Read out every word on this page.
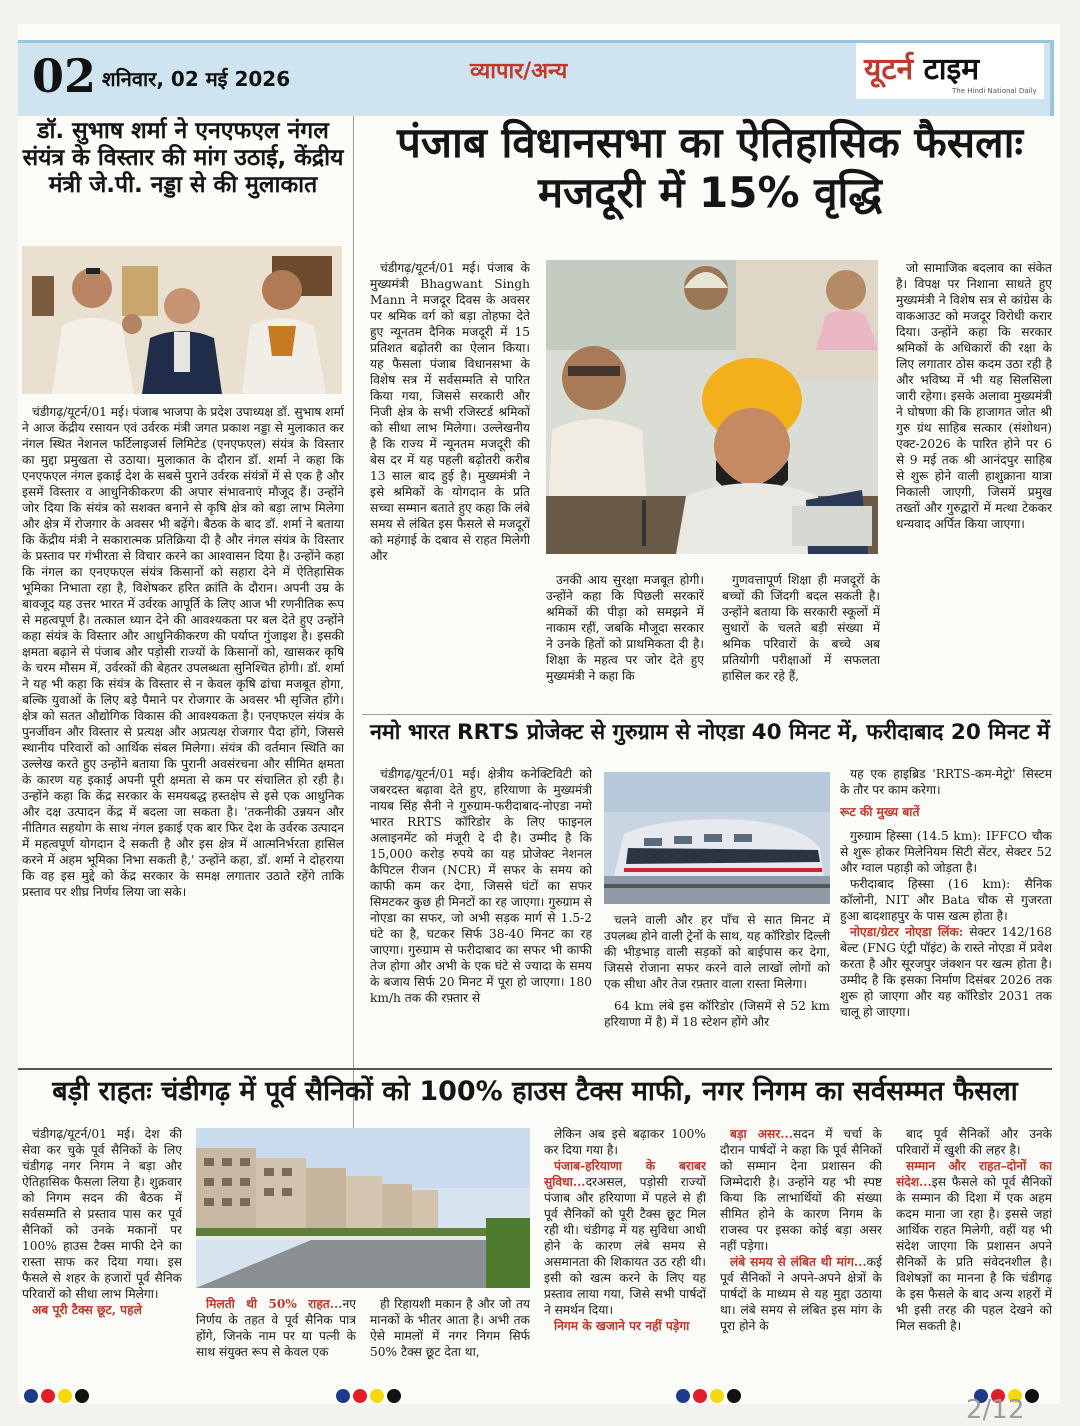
02 शनिवार, 02 मई 2026	व्यापार/अन्य	यूटर्न टाइम
The Hindi National Daily
डॉ. सुभाष शर्मा ने एनएफएल नंगल संयंत्र के विस्तार की मांग उठाई, केंद्रीय मंत्री जे.पी. नड्डा से की मुलाकात

चंडीगढ़/यूटर्न/01 मई। पंजाब भाजपा के प्रदेश उपाध्यक्ष डॉ. सुभाष शर्मा ने आज केंद्रीय रसायन एवं उर्वरक मंत्री जगत प्रकाश नड्डा से मुलाकात कर नंगल स्थित नेशनल फर्टिलाइजर्स लिमिटेड (एनएफएल) संयंत्र के विस्तार का मुद्दा प्रमुखता से उठाया। मुलाकात के दौरान डॉ. शर्मा ने कहा कि एनएफएल नंगल इकाई देश के सबसे पुराने उर्वरक संयंत्रों में से एक है और इसमें विस्तार व आधुनिकीकरण की अपार संभावनाएं मौजूद हैं। उन्होंने जोर दिया कि संयंत्र को सशक्त बनाने से कृषि क्षेत्र को बड़ा लाभ मिलेगा और क्षेत्र में रोजगार के अवसर भी बढ़ेंगे। बैठक के बाद डॉ. शर्मा ने बताया कि केंद्रीय मंत्री ने सकारात्मक प्रतिक्रिया दी है और नंगल संयंत्र के विस्तार के प्रस्ताव पर गंभीरता से विचार करने का आश्वासन दिया है। उन्होंने कहा कि नंगल का एनएफएल संयंत्र किसानों को सहारा देने में ऐतिहासिक भूमिका निभाता रहा है, विशेषकर हरित क्रांति के दौरान। अपनी उम्र के बावजूद यह उत्तर भारत में उर्वरक आपूर्ति के लिए आज भी रणनीतिक रूप से महत्वपूर्ण है। तत्काल ध्यान देने की आवश्यकता पर बल देते हुए उन्होंने कहा संयंत्र के विस्तार और आधुनिकीकरण की पर्याप्त गुंजाइश है। इसकी क्षमता बढ़ाने से पंजाब और पड़ोसी राज्यों के किसानों को, खासकर कृषि के चरम मौसम में, उर्वरकों की बेहतर उपलब्धता सुनिश्चित होगी। डॉ. शर्मा ने यह भी कहा कि संयंत्र के विस्तार से न केवल कृषि ढांचा मजबूत होगा, बल्कि युवाओं के लिए बड़े पैमाने पर रोजगार के अवसर भी सृजित होंगे। क्षेत्र को सतत औद्योगिक विकास की आवश्यकता है। एनएफएल संयंत्र के पुनर्जीवन और विस्तार से प्रत्यक्ष और अप्रत्यक्ष रोजगार पैदा होंगे, जिससे स्थानीय परिवारों को आर्थिक संबल मिलेगा। संयंत्र की वर्तमान स्थिति का उल्लेख करते हुए उन्होंने बताया कि पुरानी अवसंरचना और सीमित क्षमता के कारण यह इकाई अपनी पूरी क्षमता से कम पर संचालित हो रही है। उन्होंने कहा कि केंद्र सरकार के समयबद्ध हस्तक्षेप से इसे एक आधुनिक और दक्ष उत्पादन केंद्र में बदला जा सकता है। 'तकनीकी उन्नयन और नीतिगत सहयोग के साथ नंगल इकाई एक बार फिर देश के उर्वरक उत्पादन में महत्वपूर्ण योगदान दे सकती है और इस क्षेत्र में आत्मनिर्भरता हासिल करने में अहम भूमिका निभा सकती है,' उन्होंने कहा, डॉ. शर्मा ने दोहराया कि वह इस मुद्दे को केंद्र सरकार के समक्ष लगातार उठाते रहेंगे ताकि प्रस्ताव पर शीघ्र निर्णय लिया जा सके।

पंजाब विधानसभा का ऐतिहासिक फैसलाः मजदूरी में 15% वृद्धि

चंडीगढ़/यूटर्न/01 मई। पंजाब के मुख्यमंत्री Bhagwant Singh Mann ने मजदूर दिवस के अवसर पर श्रमिक वर्ग को बड़ा तोहफा देते हुए न्यूनतम दैनिक मजदूरी में 15 प्रतिशत बढ़ोतरी का ऐलान किया। यह फैसला पंजाब विधानसभा के विशेष सत्र में सर्वसम्मति से पारित किया गया, जिससे सरकारी और निजी क्षेत्र के सभी रजिस्टर्ड श्रमिकों को सीधा लाभ मिलेगा। उल्लेखनीय है कि राज्य में न्यूनतम मजदूरी की बेस दर में यह पहली बढ़ोतरी करीब 13 साल बाद हुई है। मुख्यमंत्री ने इसे श्रमिकों के योगदान के प्रति सच्चा सम्मान बताते हुए कहा कि लंबे समय से लंबित इस फैसले से मजदूरों को महंगाई के दबाव से राहत मिलेगी और

उनकी आय सुरक्षा मजबूत होगी। उन्होंने कहा कि पिछली सरकारें श्रमिकों की पीड़ा को समझने में नाकाम रहीं, जबकि मौजूदा सरकार ने उनके हितों को प्राथमिकता दी है। शिक्षा के महत्व पर जोर देते हुए मुख्यमंत्री ने कहा कि

गुणवत्तापूर्ण शिक्षा ही मजदूरों के बच्चों की जिंदगी बदल सकती है। उन्होंने बताया कि सरकारी स्कूलों में सुधारों के चलते बड़ी संख्या में श्रमिक परिवारों के बच्चे अब प्रतियोगी परीक्षाओं में सफलता हासिल कर रहे हैं,

जो सामाजिक बदलाव का संकेत है। विपक्ष पर निशाना साधते हुए मुख्यमंत्री ने विशेष सत्र से कांग्रेस के वाकआउट को मजदूर विरोधी करार दिया। उन्होंने कहा कि सरकार श्रमिकों के अधिकारों की रक्षा के लिए लगातार ठोस कदम उठा रही है और भविष्य में भी यह सिलसिला जारी रहेगा। इसके अलावा मुख्यमंत्री ने घोषणा की कि हाजागत जोत श्री गुरु ग्रंथ साहिब सत्कार (संशोधन) एक्ट-2026 के पारित होने पर 6 से 9 मई तक श्री आनंदपुर साहिब से शुरू होने वाली हाशुक्राना यात्रा निकाली जाएगी, जिसमें प्रमुख तख्तों और गुरुद्वारों में मत्था टेककर धन्यवाद अर्पित किया जाएगा।

नमो भारत RRTS प्रोजेक्ट से गुरुग्राम से नोएडा 40 मिनट में, फरीदाबाद 20 मिनट में

चंडीगढ़/यूटर्न/01 मई। क्षेत्रीय कनेक्टिविटी को जबरदस्त बढ़ावा देते हुए, हरियाणा के मुख्यमंत्री नायब सिंह सैनी ने गुरुग्राम-फरीदाबाद-नोएडा नमो भारत RRTS कॉरिडोर के लिए फाइनल अलाइनमेंट को मंजूरी दे दी है। उम्मीद है कि 15,000 करोड़ रुपये का यह प्रोजेक्ट नेशनल कैपिटल रीजन (NCR) में सफर के समय को काफी कम कर देगा, जिससे घंटों का सफर सिमटकर कुछ ही मिनटों का रह जाएगा। गुरुग्राम से नोएडा का सफर, जो अभी सड़क मार्ग से 1.5-2 घंटे का है, घटकर सिर्फ 38-40 मिनट का रह जाएगा। गुरुग्राम से फरीदाबाद का सफर भी काफी तेज होगा और अभी के एक घंटे से ज्यादा के समय के बजाय सिर्फ 20 मिनट में पूरा हो जाएगा। 180 km/h तक की रफ़्तार से

चलने वाली और हर पाँच से सात मिनट में उपलब्ध होने वाली ट्रेनों के साथ, यह कॉरिडोर दिल्ली की भीड़भाड़ वाली सड़कों को बाईपास कर देगा, जिससे रोजाना सफर करने वाले लाखों लोगों को एक सीधा और तेज रफ़्तार वाला रास्ता मिलेगा।

64 km लंबे इस कॉरिडोर (जिसमें से 52 km हरियाणा में है) में 18 स्टेशन होंगे और

यह एक हाइब्रिड 'RRTS-कम-मेट्रो' सिस्टम के तौर पर काम करेगा।

रूट की मुख्य बातें

गुरुग्राम हिस्सा (14.5 km): IFFCO चौक से शुरू होकर मिलेनियम सिटी सेंटर, सेक्टर 52 और ग्वाल पहाड़ी को जोड़ता है।

फरीदाबाद हिस्सा (16 km): सैनिक कॉलोनी, NIT और Bata चौक से गुजरता हुआ बादशाहपुर के पास खत्म होता है।

नोएडा/ग्रेटर नोएडा लिंक: सेक्टर 142/168 बेल्ट (FNG एंट्री पॉइंट) के रास्ते नोएडा में प्रवेश करता है और सूरजपुर जंक्शन पर खत्म होता है। उम्मीद है कि इसका निर्माण दिसंबर 2026 तक शुरू हो जाएगा और यह कॉरिडोर 2031 तक चालू हो जाएगा।

बड़ी राहतः चंडीगढ़ में पूर्व सैनिकों को 100% हाउस टैक्स माफी, नगर निगम का सर्वसम्मत फैसला

चंडीगढ़/यूटर्न/01 मई। देश की सेवा कर चुके पूर्व सैनिकों के लिए चंडीगढ़ नगर निगम ने बड़ा और ऐतिहासिक फैसला लिया है। शुक्रवार को निगम सदन की बैठक में सर्वसम्मति से प्रस्ताव पास कर पूर्व सैनिकों को उनके मकानों पर 100% हाउस टैक्स माफी देने का रास्ता साफ कर दिया गया। इस फैसले से शहर के हजारों पूर्व सैनिक परिवारों को सीधा लाभ मिलेगा।

अब पूरी टैक्स छूट, पहले	मिलती थी 50% राहत...नए निर्णय के तहत वे पूर्व सैनिक पात्र होंगे, जिनके नाम पर या पत्नी के साथ संयुक्त रूप से केवल एक

ही रिहायशी मकान है और जो तय मानकों के भीतर आता है। अभी तक ऐसे मामलों में नगर निगम सिर्फ 50% टैक्स छूट देता था,

लेकिन अब इसे बढ़ाकर 100% कर दिया गया है।

पंजाब-हरियाणा के बराबर सुविधा...दरअसल, पड़ोसी राज्यों पंजाब और हरियाणा में पहले से ही पूर्व सैनिकों को पूरी टैक्स छूट मिल रही थी। चंडीगढ़ में यह सुविधा आधी होने के कारण लंबे समय से असमानता की शिकायत उठ रही थी। इसी को खत्म करने के लिए यह प्रस्ताव लाया गया, जिसे सभी पार्षदों ने समर्थन दिया।

निगम के खजाने पर नहीं पड़ेगा

बड़ा असर...सदन में चर्चा के दौरान पार्षदों ने कहा कि पूर्व सैनिकों को सम्मान देना प्रशासन की जिम्मेदारी है। उन्होंने यह भी स्पष्ट किया कि लाभार्थियों की संख्या सीमित होने के कारण निगम के राजस्व पर इसका कोई बड़ा असर नहीं पड़ेगा।

लंबे समय से लंबित थी मांग...कई पूर्व सैनिकों ने अपने-अपने क्षेत्रों के पार्षदों के माध्यम से यह मुद्दा उठाया था। लंबे समय से लंबित इस मांग के पूरा होने के

बाद पूर्व सैनिकों और उनके परिवारों में खुशी की लहर है।

सम्मान और राहत–दोनों का संदेश...इस फैसले को पूर्व सैनिकों के सम्मान की दिशा में एक अहम कदम माना जा रहा है। इससे जहां आर्थिक राहत मिलेगी, वहीं यह भी संदेश जाएगा कि प्रशासन अपने सैनिकों के प्रति संवेदनशील है। विशेषज्ञों का मानना है कि चंडीगढ़ के इस फैसले के बाद अन्य शहरों में भी इसी तरह की पहल देखने को मिल सकती है।

2/12
